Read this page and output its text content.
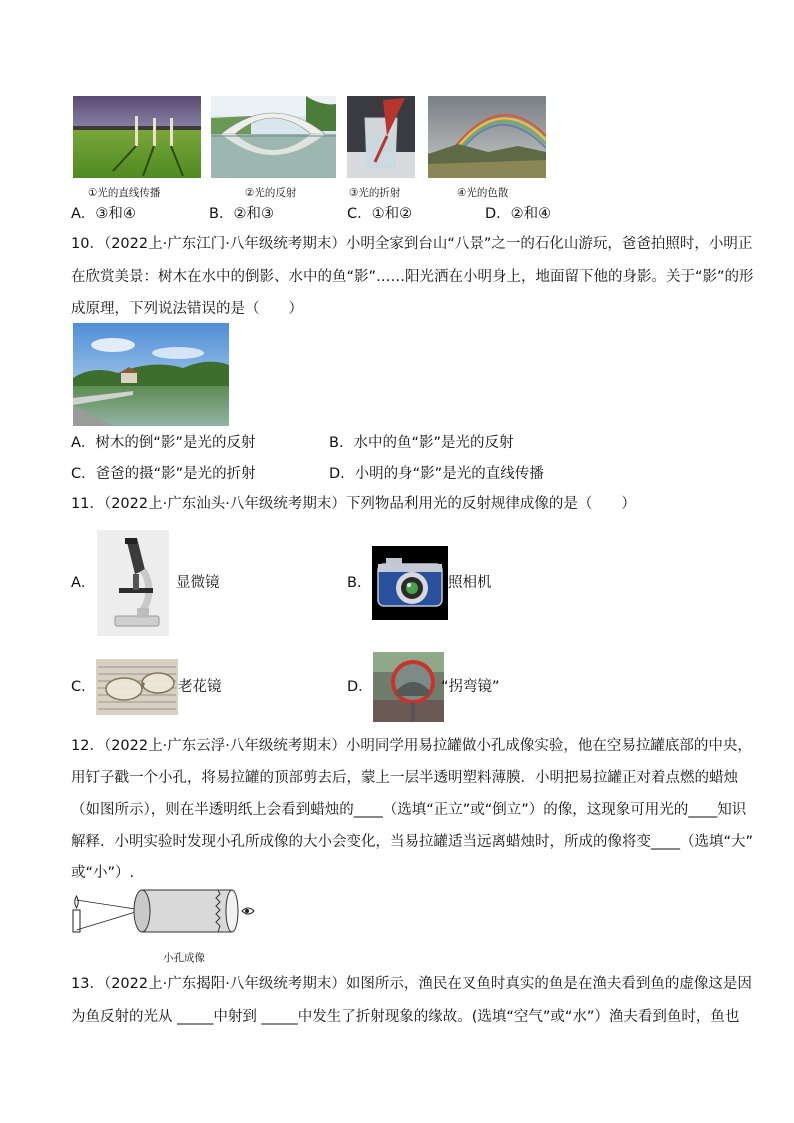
①光的直线传播	②光的反射	③光的折射	④光的色散
A．③和④	B．②和③	C．①和②	D．②和④
10．（2022上·广东江门·八年级统考期末）小明全家到台山“八景”之一的石化山游玩，爸爸拍照时，小明正
在欣赏美景：树木在水中的倒影、水中的鱼“影”……阳光洒在小明身上，地面留下他的身影。关于“影”的形
成原理，下列说法错误的是（　　）
A．树木的倒“影”是光的反射	B．水中的鱼“影”是光的反射
C．爸爸的摄“影”是光的折射	D．小明的身“影”是光的直线传播
11．（2022上·广东汕头·八年级统考期末）下列物品利用光的反射规律成像的是（　　）
A．	显微镜	B．	照相机
C．	老花镜	D．	“拐弯镜”
12．（2022上·广东云浮·八年级统考期末）小明同学用易拉罐做小孔成像实验，他在空易拉罐底部的中央，
用钉子戳一个小孔，将易拉罐的顶部剪去后，蒙上一层半透明塑料薄膜．小明把易拉罐正对着点燃的蜡烛
（如图所示），则在半透明纸上会看到蜡烛的____（选填“正立”或“倒立”）的像，这现象可用光的____知识
解释．小明实验时发现小孔所成像的大小会变化，当易拉罐适当远离蜡烛时，所成的像将变____（选填“大”
或“小”）.
小孔成像
13．（2022上·广东揭阳·八年级统考期末）如图所示，渔民在叉鱼时真实的鱼是在渔夫看到鱼的虚像这是因
为鱼反射的光从 _____中射到 _____中发生了折射现象的缘故。(选填“空气”或“水”）渔夫看到鱼时，鱼也
